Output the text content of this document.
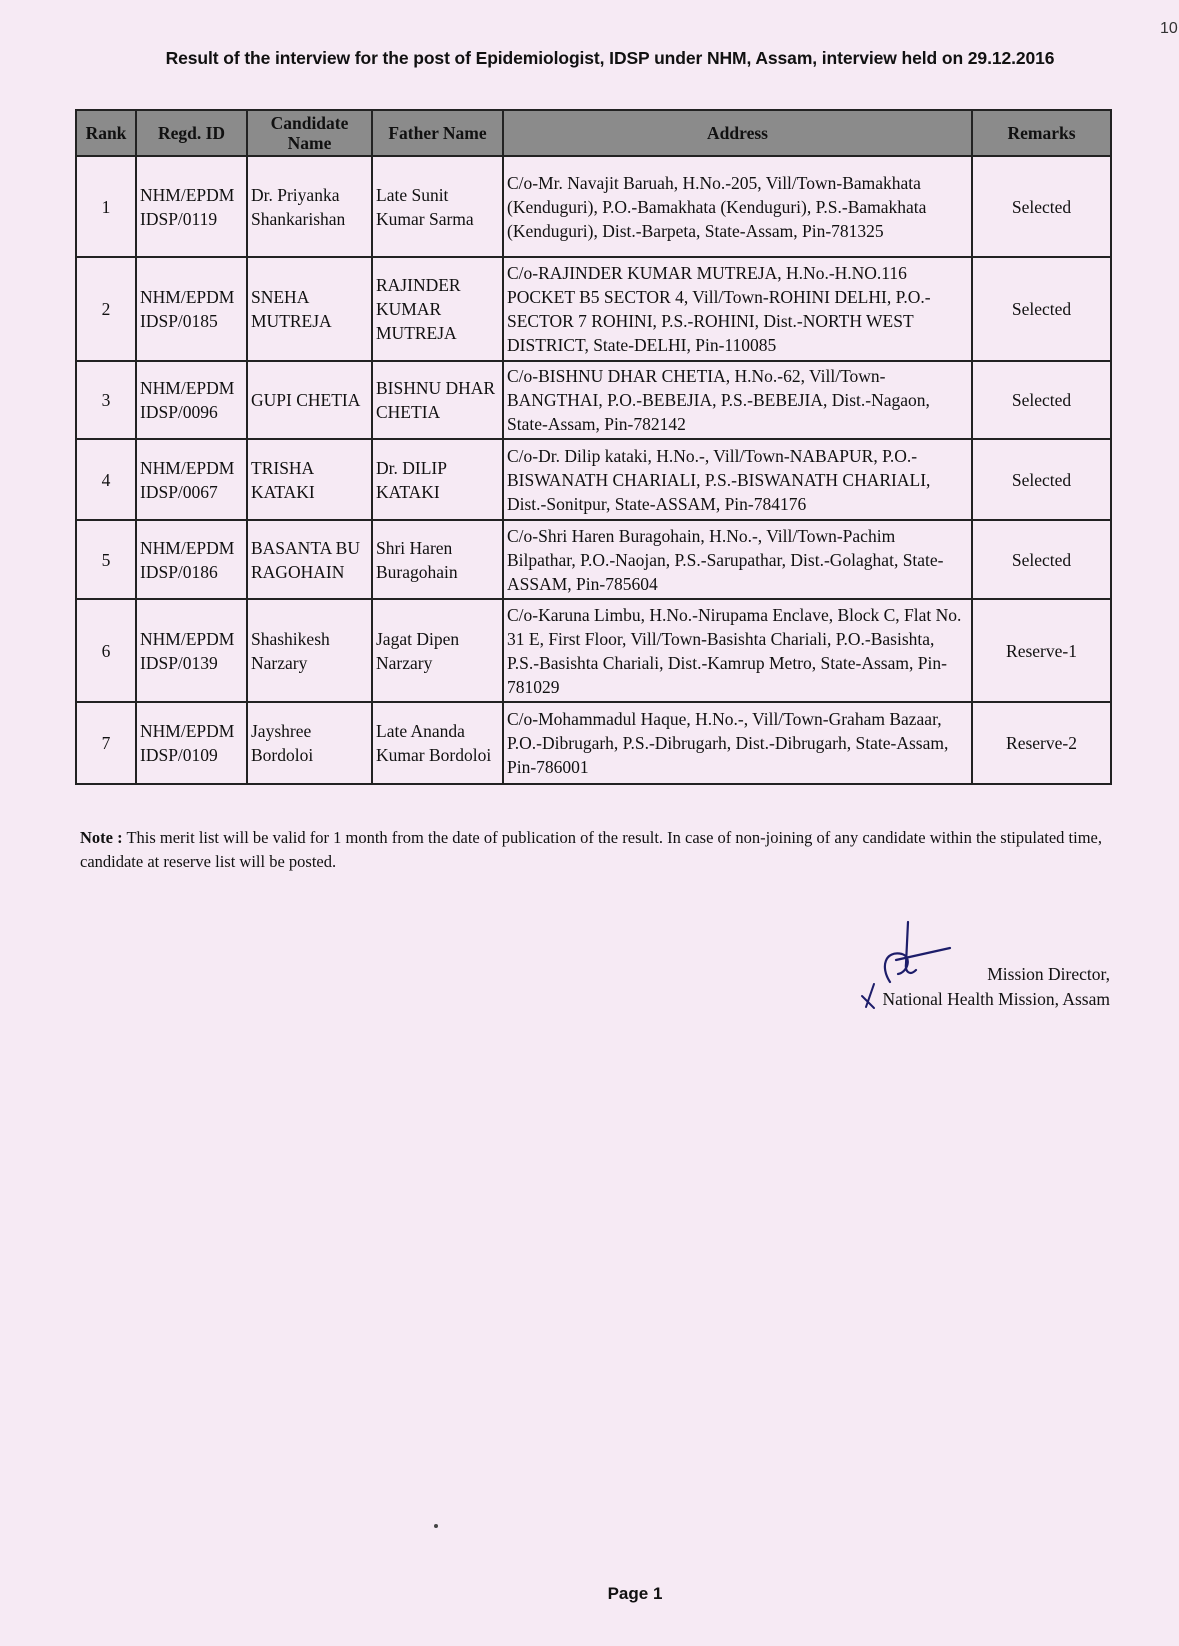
10
Result of the interview for the post of Epidemiologist, IDSP under NHM, Assam, interview held on 29.12.2016
Rank	Regd. ID	Candidate Name	Father Name	Address	Remarks
1	NHM/EPDM IDSP/0119	Dr. Priyanka Shankarishan	Late Sunit Kumar Sarma	C/o-Mr. Navajit Baruah, H.No.-205, Vill/Town-Bamakhata (Kenduguri), P.O.-Bamakhata (Kenduguri), P.S.-Bamakhata (Kenduguri), Dist.-Barpeta, State-Assam, Pin-781325	Selected
2	NHM/EPDM IDSP/0185	SNEHA MUTREJA	RAJINDER KUMAR MUTREJA	C/o-RAJINDER KUMAR MUTREJA, H.No.-H.NO.116 POCKET B5 SECTOR 4, Vill/Town-ROHINI DELHI, P.O.-SECTOR 7 ROHINI, P.S.-ROHINI, Dist.-NORTH WEST DISTRICT, State-DELHI, Pin-110085	Selected
3	NHM/EPDM IDSP/0096	GUPI CHETIA	BISHNU DHAR CHETIA	C/o-BISHNU DHAR CHETIA, H.No.-62, Vill/Town-BANGTHAI, P.O.-BEBEJIA, P.S.-BEBEJIA, Dist.-Nagaon, State-Assam, Pin-782142	Selected
4	NHM/EPDM IDSP/0067	TRISHA KATAKI	Dr. DILIP KATAKI	C/o-Dr. Dilip kataki, H.No.-, Vill/Town-NABAPUR, P.O.-BISWANATH CHARIALI, P.S.-BISWANATH CHARIALI, Dist.-Sonitpur, State-ASSAM, Pin-784176	Selected
5	NHM/EPDM IDSP/0186	BASANTA BURAGOHAIN	Shri Haren Buragohain	C/o-Shri Haren Buragohain, H.No.-, Vill/Town-Pachim Bilpathar, P.O.-Naojan, P.S.-Sarupathar, Dist.-Golaghat, State-ASSAM, Pin-785604	Selected
6	NHM/EPDM IDSP/0139	Shashikesh Narzary	Jagat Dipen Narzary	C/o-Karuna Limbu, H.No.-Nirupama Enclave, Block C, Flat No. 31 E, First Floor, Vill/Town-Basishta Chariali, P.O.-Basishta, P.S.-Basishta Chariali, Dist.-Kamrup Metro, State-Assam, Pin-781029	Reserve-1
7	NHM/EPDM IDSP/0109	Jayshree Bordoloi	Late Ananda Kumar Bordoloi	C/o-Mohammadul Haque, H.No.-, Vill/Town-Graham Bazaar, P.O.-Dibrugarh, P.S.-Dibrugarh, Dist.-Dibrugarh, State-Assam, Pin-786001	Reserve-2
Note : This merit list will be valid for 1 month from the date of publication of the result. In case of non-joining of any candidate within the stipulated time, candidate at reserve list will be posted.
Mission Director,
National Health Mission, Assam
Page 1
